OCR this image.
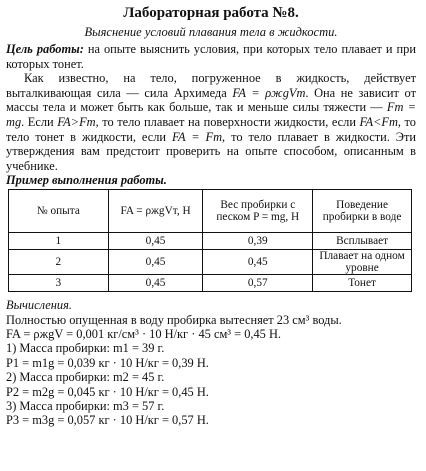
Лабораторная работа №8.
Выяснение условий плавания тела в жидкости.

Цель работы: на опыте выяснить условия, при которых тело плавает и при которых тонет.

Как известно, на тело, погруженное в жидкость, действует выталкивающая сила — сила Архимеда FA = ρжgVт. Она не зависит от массы тела и может быть как больше, так и меньше силы тяжести — Fт = mg. Если FA>Fт, то тело плавает на поверхности жидкости, если FA<Fт, то тело тонет в жидкости, если FA = Fт, то тело плавает в жидкости. Эти утверждения вам предстоит проверить на опыте способом, описанным в учебнике.

Пример выполнения работы.
№ опыта	FA = ρжgVт, Н	Вес пробирки с песком P = mg, Н	Поведение пробирки в воде
1	0,45	0,39	Всплывает
2	0,45	0,45	Плавает на одном уровне
3	0,45	0,57	Тонет
Вычисления.
Полностью опущенная в воду пробирка вытесняет 23 см³ воды.
FA = ρжgV = 0,001 кг/см³ · 10 Н/кг · 45 см³ = 0,45 Н.
1) Масса пробирки: m1 = 39 г.
P1 = m1g = 0,039 кг · 10 Н/кг = 0,39 Н.
2) Масса пробирки: m2 = 45 г.
P2 = m2g = 0,045 кг · 10 Н/кг = 0,45 Н.
3) Масса пробирки: m3 = 57 г.
P3 = m3g = 0,057 кг · 10 Н/кг = 0,57 Н.
